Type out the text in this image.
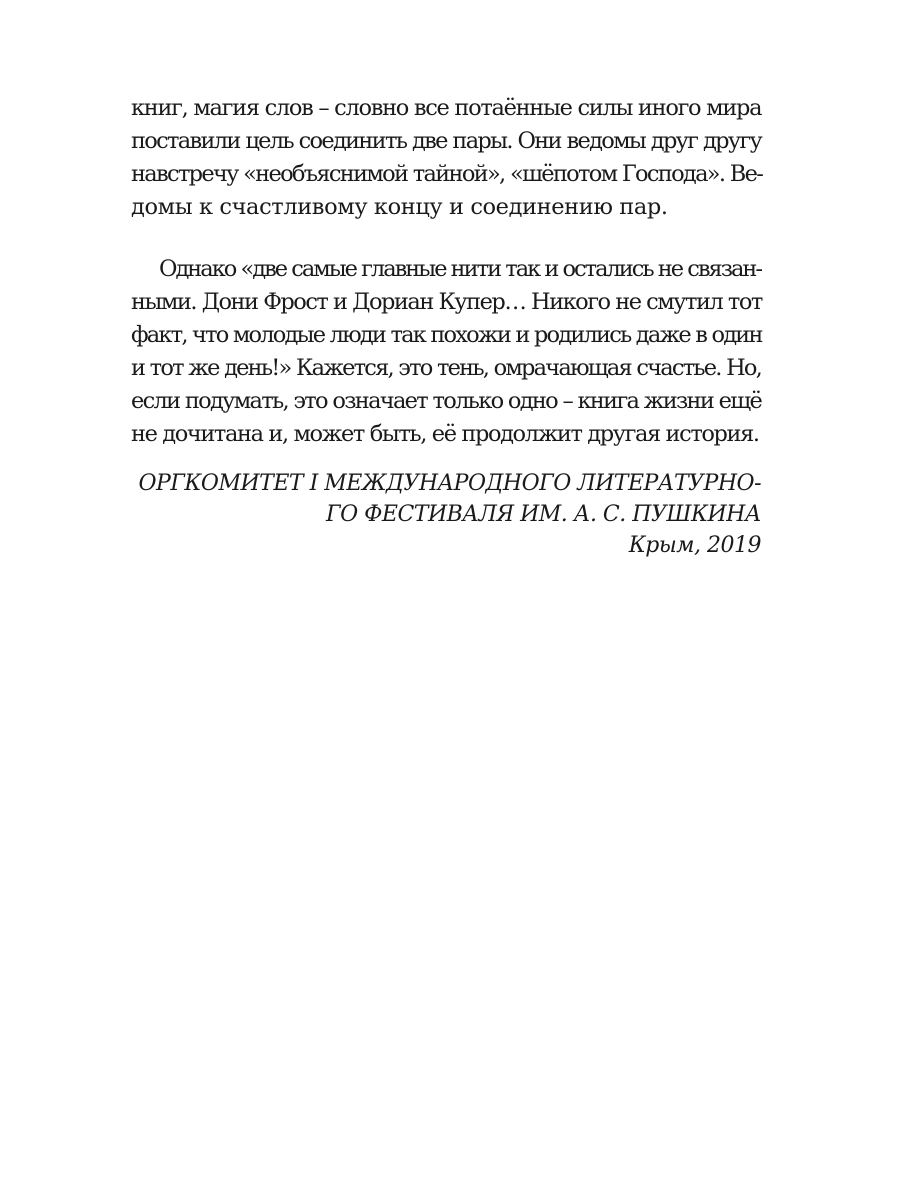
книг, магия слов – словно все потаённые силы иного мира
поставили цель соединить две пары. Они ведомы друг другу
навстречу «необъяснимой тайной», «шёпотом Господа». Ве-
домы к счастливому концу и соединению пар.
Однако «две самые главные нити так и остались не связан-
ными. Дони Фрост и Дориан Купер… Никого не смутил тот
факт, что молодые люди так похожи и родились даже в один
и тот же день!» Кажется, это тень, омрачающая счастье. Но,
если подумать, это означает только одно – книга жизни ещё
не дочитана и, может быть, её продолжит другая история.
ОРГКОМИТЕТ I МЕЖДУНАРОДНОГО ЛИТЕРАТУРНО-
ГО ФЕСТИВАЛЯ ИМ. А. С. ПУШКИНА
Крым, 2019
